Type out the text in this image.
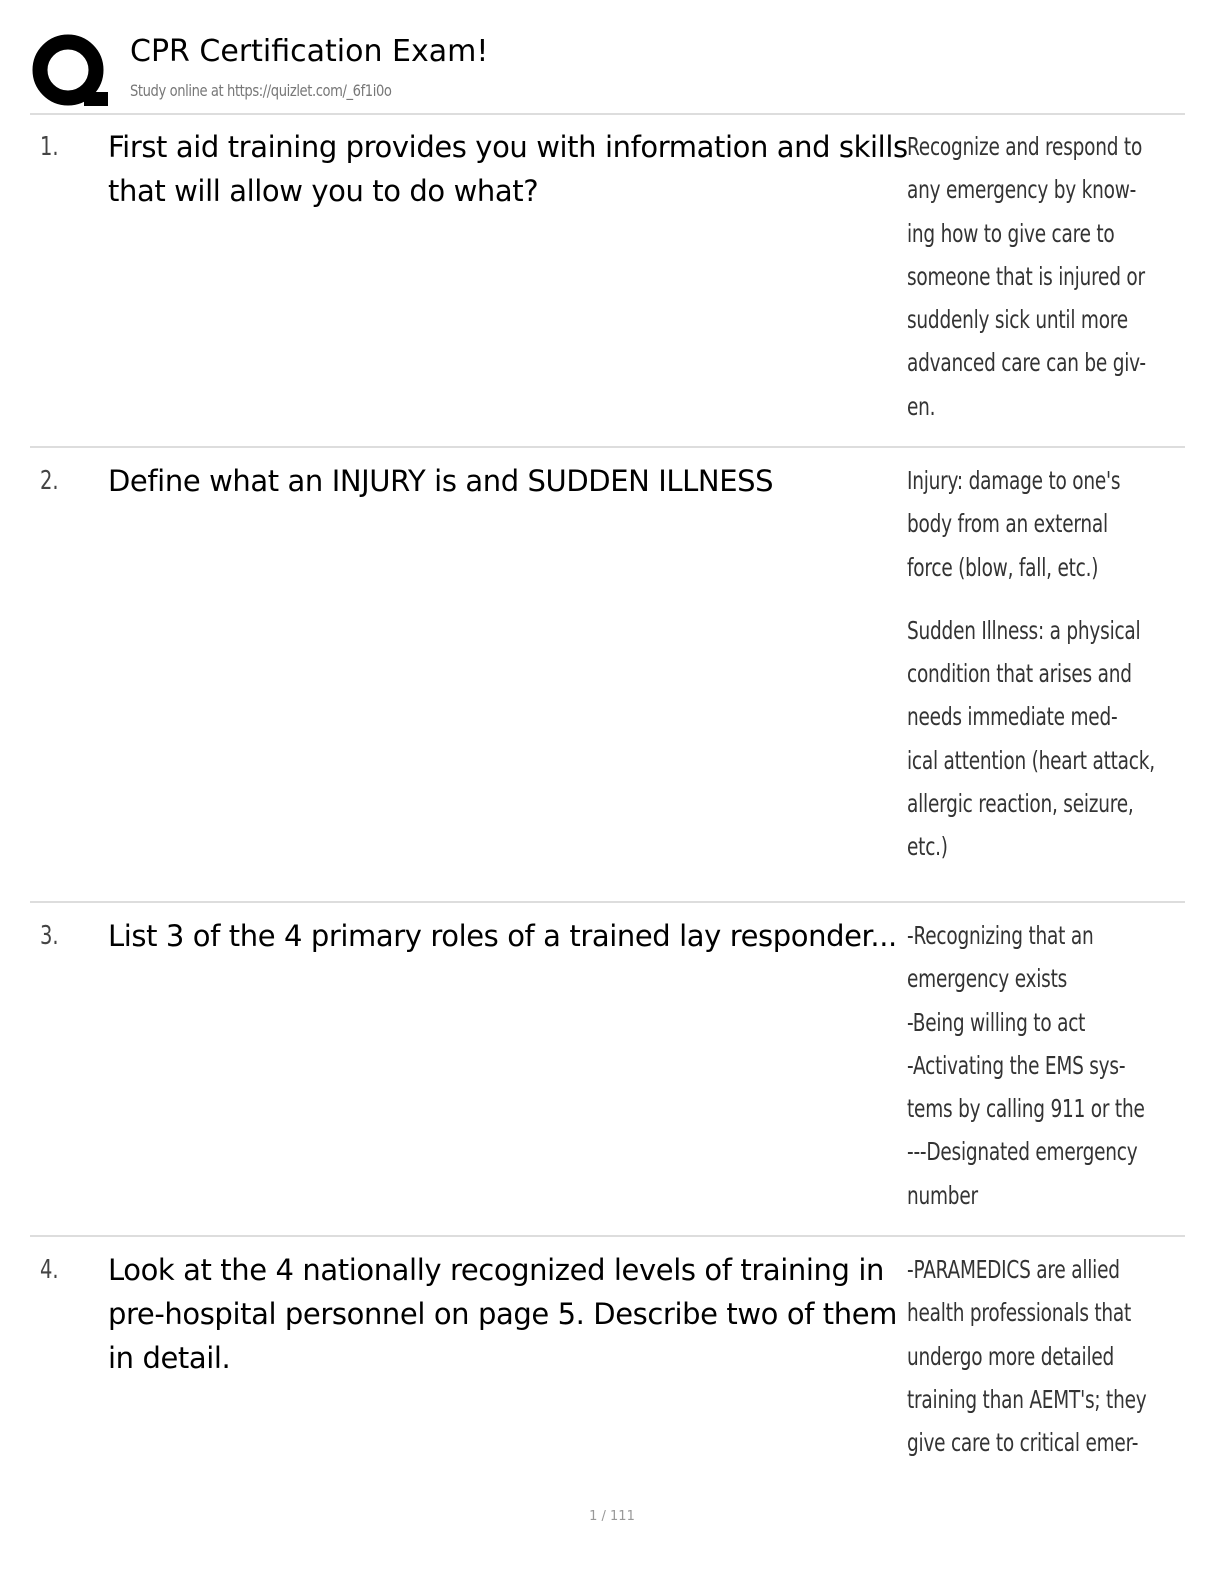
CPR Certification Exam!
Study online at https://quizlet.com/_6f1i0o
1. First aid training provides you with information and skills that will allow you to do what?
Recognize and respond to
any emergency by know-
ing how to give care to
someone that is injured or
suddenly sick until more
advanced care can be giv-
en.
2. Define what an INJURY is and SUDDEN ILLNESS	Injury: damage to one's
body from an external
force (blow, fall, etc.)
Sudden Illness: a physical
condition that arises and
needs immediate med-
ical attention (heart attack,
allergic reaction, seizure,
etc.)
3. List 3 of the 4 primary roles of a trained lay responder... -Recognizing that an
emergency exists
-Being willing to act
-Activating the EMS sys-
tems by calling 911 or the
---Designated emergency
number
4. Look at the 4 nationally recognized levels of training in pre-hospital personnel on page 5. Describe two of them in detail.
-PARAMEDICS are allied
health professionals that
undergo more detailed
training than AEMT's; they
give care to critical emer-
1 / 111
